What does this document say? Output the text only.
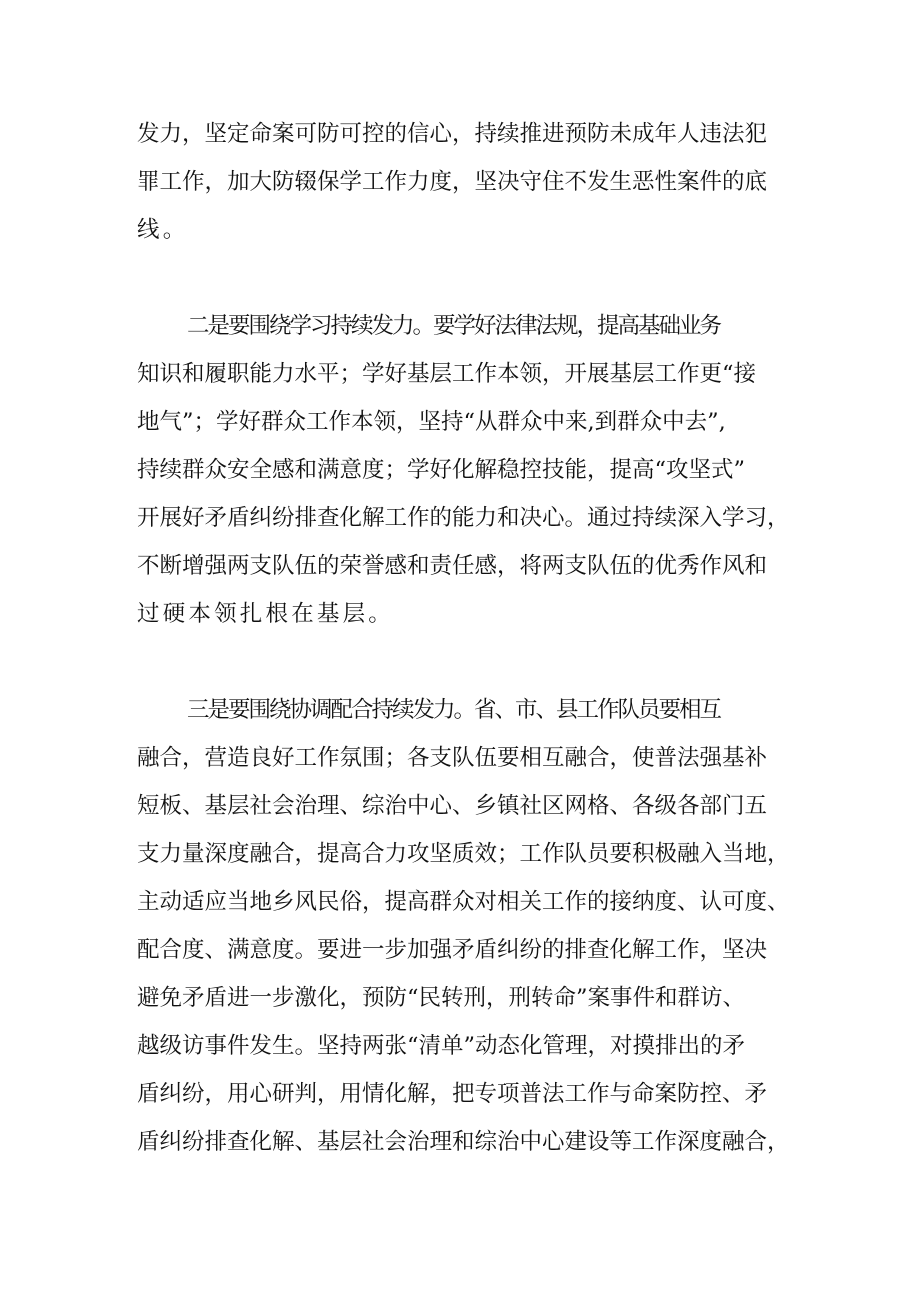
发力，坚定命案可防可控的信心，持续推进预防未成年人违法犯
罪工作，加大防辍保学工作力度，坚决守住不发生恶性案件的底
线。
二是要围绕学习持续发力。要学好法律法规，提高基础业务
知识和履职能力水平；学好基层工作本领，开展基层工作更“接
地气”；学好群众工作本领，坚持“从群众中来,到群众中去”,
持续群众安全感和满意度；学好化解稳控技能，提高“攻坚式”
开展好矛盾纠纷排查化解工作的能力和决心。通过持续深入学习，
不断增强两支队伍的荣誉感和责任感，将两支队伍的优秀作风和
过硬本领扎根在基层。
三是要围绕协调配合持续发力。省、市、县工作队员要相互
融合，营造良好工作氛围；各支队伍要相互融合，使普法强基补
短板、基层社会治理、综治中心、乡镇社区网格、各级各部门五
支力量深度融合，提高合力攻坚质效；工作队员要积极融入当地，
主动适应当地乡风民俗，提高群众对相关工作的接纳度、认可度、
配合度、满意度。要进一步加强矛盾纠纷的排查化解工作，坚决
避免矛盾进一步激化，预防“民转刑，刑转命”案事件和群访、
越级访事件发生。坚持两张“清单”动态化管理，对摸排出的矛
盾纠纷，用心研判，用情化解，把专项普法工作与命案防控、矛
盾纠纷排查化解、基层社会治理和综治中心建设等工作深度融合，
